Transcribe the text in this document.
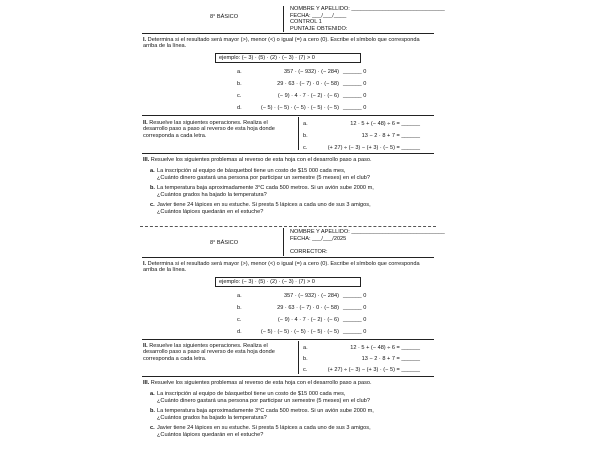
8° BÁSICO
NOMBRE Y APELLIDO: ______________________________
FECHA: ___/___/____
CONTROL 1
PUNTAJE OBTENIDO:
I. Determina si el resultado será mayor (>), menor (<) o igual (=) a cero (0). Escribe el símbolo que corresponda arriba de la línea.
ejemplo: (− 3) · (5) · (2) · (− 3) · (7) > 0
a.	357 · (− 932) · (− 284) ______ 0
b.	29 · 63 · (− 7) · 0 · (− 58) ______ 0
c.	(− 9) · 4 · 7 · (− 2) · (− 6) ______ 0
d.	(− 5) · (− 5) · (− 5) · (− 5) · (− 5) ______ 0
II. Resuelve las siguientes operaciones. Realiza el desarrollo paso a paso al reverso de esta hoja donde corresponda a cada letra.
a.	12 · 5 + (− 48) ÷ 6 = ______
b.	13 − 2 · 8 + 7 = ______
c.	(+ 27) ÷ (− 3) − (+ 3) · (− 5) = ______
III. Resuelve los siguientes problemas al reverso de esta hoja con el desarrollo paso a paso.
a. La inscripción al equipo de básquetbol tiene un costo de $15 000 cada mes,
¿Cuánto dinero gastará una persona por participar un semestre (5 meses) en el club?
b. La temperatura baja aproximadamente 3°C cada 500 metros. Si un avión sube 2000 m,
¿Cuántos grados ha bajado la temperatura?
c. Javier tiene 24 lápices en su estuche. Si presta 5 lápices a cada uno de sus 3 amigos,
¿Cuántos lápices quedarán en el estuche?
8° BÁSICO
NOMBRE Y APELLIDO: ______________________________
FECHA: ___/___/2025
CORRECTOR:
I. Determina si el resultado será mayor (>), menor (<) o igual (=) a cero (0). Escribe el símbolo que corresponda arriba de la línea.
ejemplo: (− 3) · (5) · (2) · (− 3) · (7) > 0
a.	357 · (− 932) · (− 284) ______ 0
b.	29 · 63 · (− 7) · 0 · (− 58) ______ 0
c.	(− 9) · 4 · 7 · (− 2) · (− 6) ______ 0
d.	(− 5) · (− 5) · (− 5) · (− 5) · (− 5) ______ 0
II. Resuelve las siguientes operaciones. Realiza el desarrollo paso a paso al reverso de esta hoja donde corresponda a cada letra.
a.	12 · 5 + (− 48) ÷ 6 = ______
b.	13 − 2 · 8 + 7 = ______
c.	(+ 27) ÷ (− 3) − (+ 3) · (− 5) = ______
III. Resuelve los siguientes problemas al reverso de esta hoja con el desarrollo paso a paso.
a. La inscripción al equipo de básquetbol tiene un costo de $15 000 cada mes,
¿Cuánto dinero gastará una persona por participar un semestre (5 meses) en el club?
b. La temperatura baja aproximadamente 3°C cada 500 metros. Si un avión sube 2000 m,
¿Cuántos grados ha bajado la temperatura?
c. Javier tiene 24 lápices en su estuche. Si presta 5 lápices a cada uno de sus 3 amigos,
¿Cuántos lápices quedarán en el estuche?
